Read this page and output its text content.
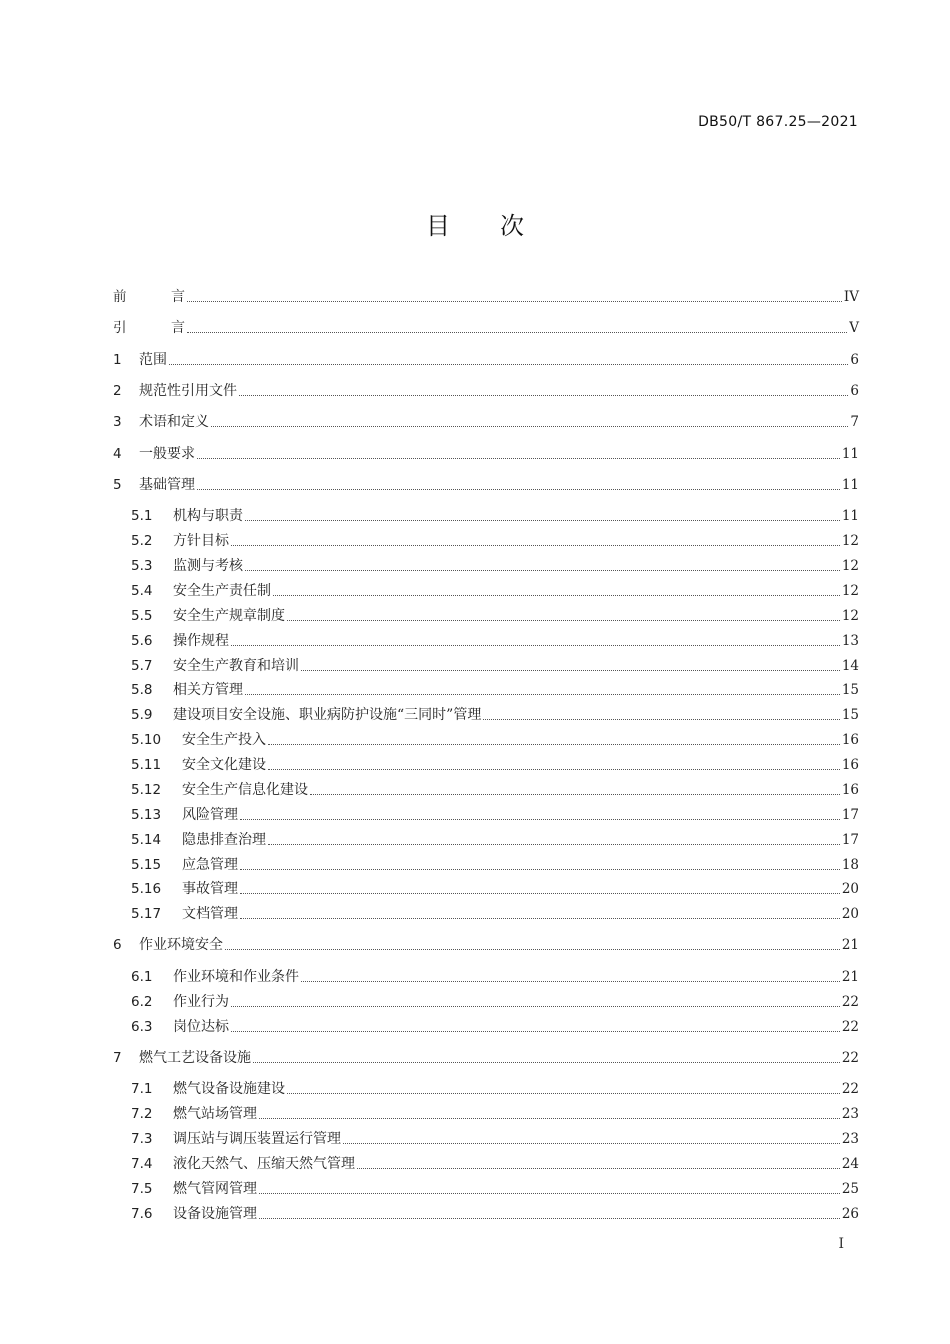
DB50/T 867.25—2021
目次
前	言	IV
引	言	V
1	范围	6
2	规范性引用文件	6
3	术语和定义	7
4	一般要求	11
5	基础管理	11
5.1	机构与职责	11
5.2	方针目标	12
5.3	监测与考核	12
5.4	安全生产责任制	12
5.5	安全生产规章制度	12
5.6	操作规程	13
5.7	安全生产教育和培训	14
5.8	相关方管理	15
5.9	建设项目安全设施、职业病防护设施“三同时”管理	15
5.10	安全生产投入	16
5.11	安全文化建设	16
5.12	安全生产信息化建设	16
5.13	风险管理	17
5.14	隐患排查治理	17
5.15	应急管理	18
5.16	事故管理	20
5.17	文档管理	20
6	作业环境安全	21
6.1	作业环境和作业条件	21
6.2	作业行为	22
6.3	岗位达标	22
7	燃气工艺设备设施	22
7.1	燃气设备设施建设	22
7.2	燃气站场管理	23
7.3	调压站与调压装置运行管理	23
7.4	液化天然气、压缩天然气管理	24
7.5	燃气管网管理	25
7.6	设备设施管理	26
I
